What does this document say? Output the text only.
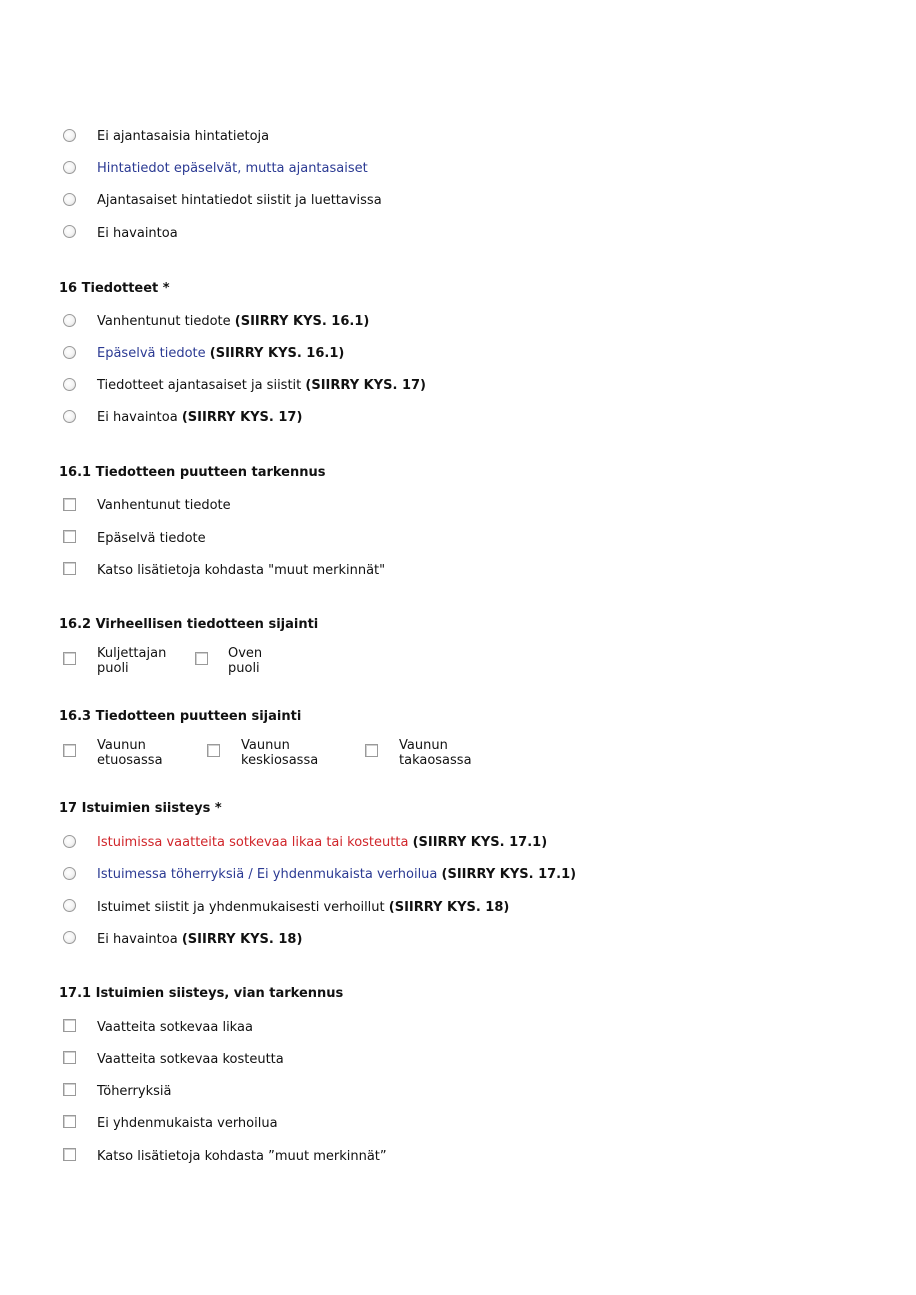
Ei ajantasaisia hintatietoja
Hintatiedot epäselvät, mutta ajantasaiset
Ajantasaiset hintatiedot siistit ja luettavissa
Ei havaintoa
16 Tiedotteet *
Vanhentunut tiedote (SIIRRY KYS. 16.1)
Epäselvä tiedote (SIIRRY KYS. 16.1)
Tiedotteet ajantasaiset ja siistit (SIIRRY KYS. 17)
Ei havaintoa (SIIRRY KYS. 17)
16.1 Tiedotteen puutteen tarkennus
Vanhentunut tiedote
Epäselvä tiedote
Katso lisätietoja kohdasta "muut merkinnät"
16.2 Virheellisen tiedotteen sijainti
Kuljettajan
puoli
Oven
puoli
16.3 Tiedotteen puutteen sijainti
Vaunun
etuosassa
Vaunun
keskiosassa
Vaunun
takaosassa
17 Istuimien siisteys *
Istuimissa vaatteita sotkevaa likaa tai kosteutta (SIIRRY KYS. 17.1)
Istuimessa töherryksiä / Ei yhdenmukaista verhoilua (SIIRRY KYS. 17.1)
Istuimet siistit ja yhdenmukaisesti verhoillut (SIIRRY KYS. 18)
Ei havaintoa (SIIRRY KYS. 18)
17.1 Istuimien siisteys, vian tarkennus
Vaatteita sotkevaa likaa
Vaatteita sotkevaa kosteutta
Töherryksiä
Ei yhdenmukaista verhoilua
Katso lisätietoja kohdasta ”muut merkinnät”
